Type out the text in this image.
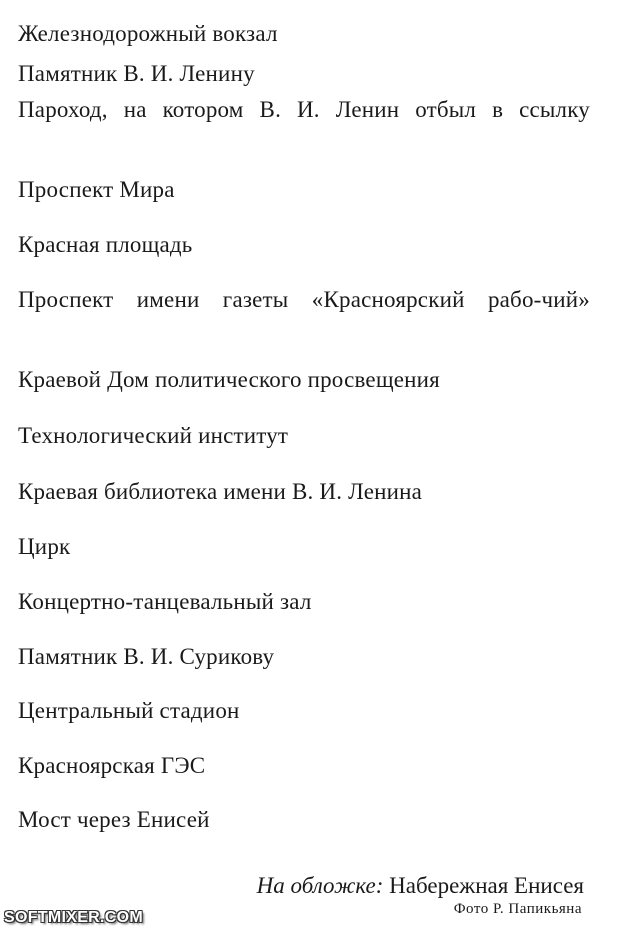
Железнодорожный вокзал

Памятник В. И. Ленину

Пароход, на котором В. И. Ленин отбыл в ссылку

Проспект Мира

Красная площадь

Проспект имени газеты «Красноярский рабо-чий»

Краевой Дом политического просвещения

Технологический институт

Краевая библиотека имени В. И. Ленина

Цирк

Концертно-танцевальный зал

Памятник В. И. Сурикову

Центральный стадион

Красноярская ГЭС

Мост через Енисей

На обложке: Набережная Енисея

Фото Р. Папикьяна

SOFTMIXER.COM
